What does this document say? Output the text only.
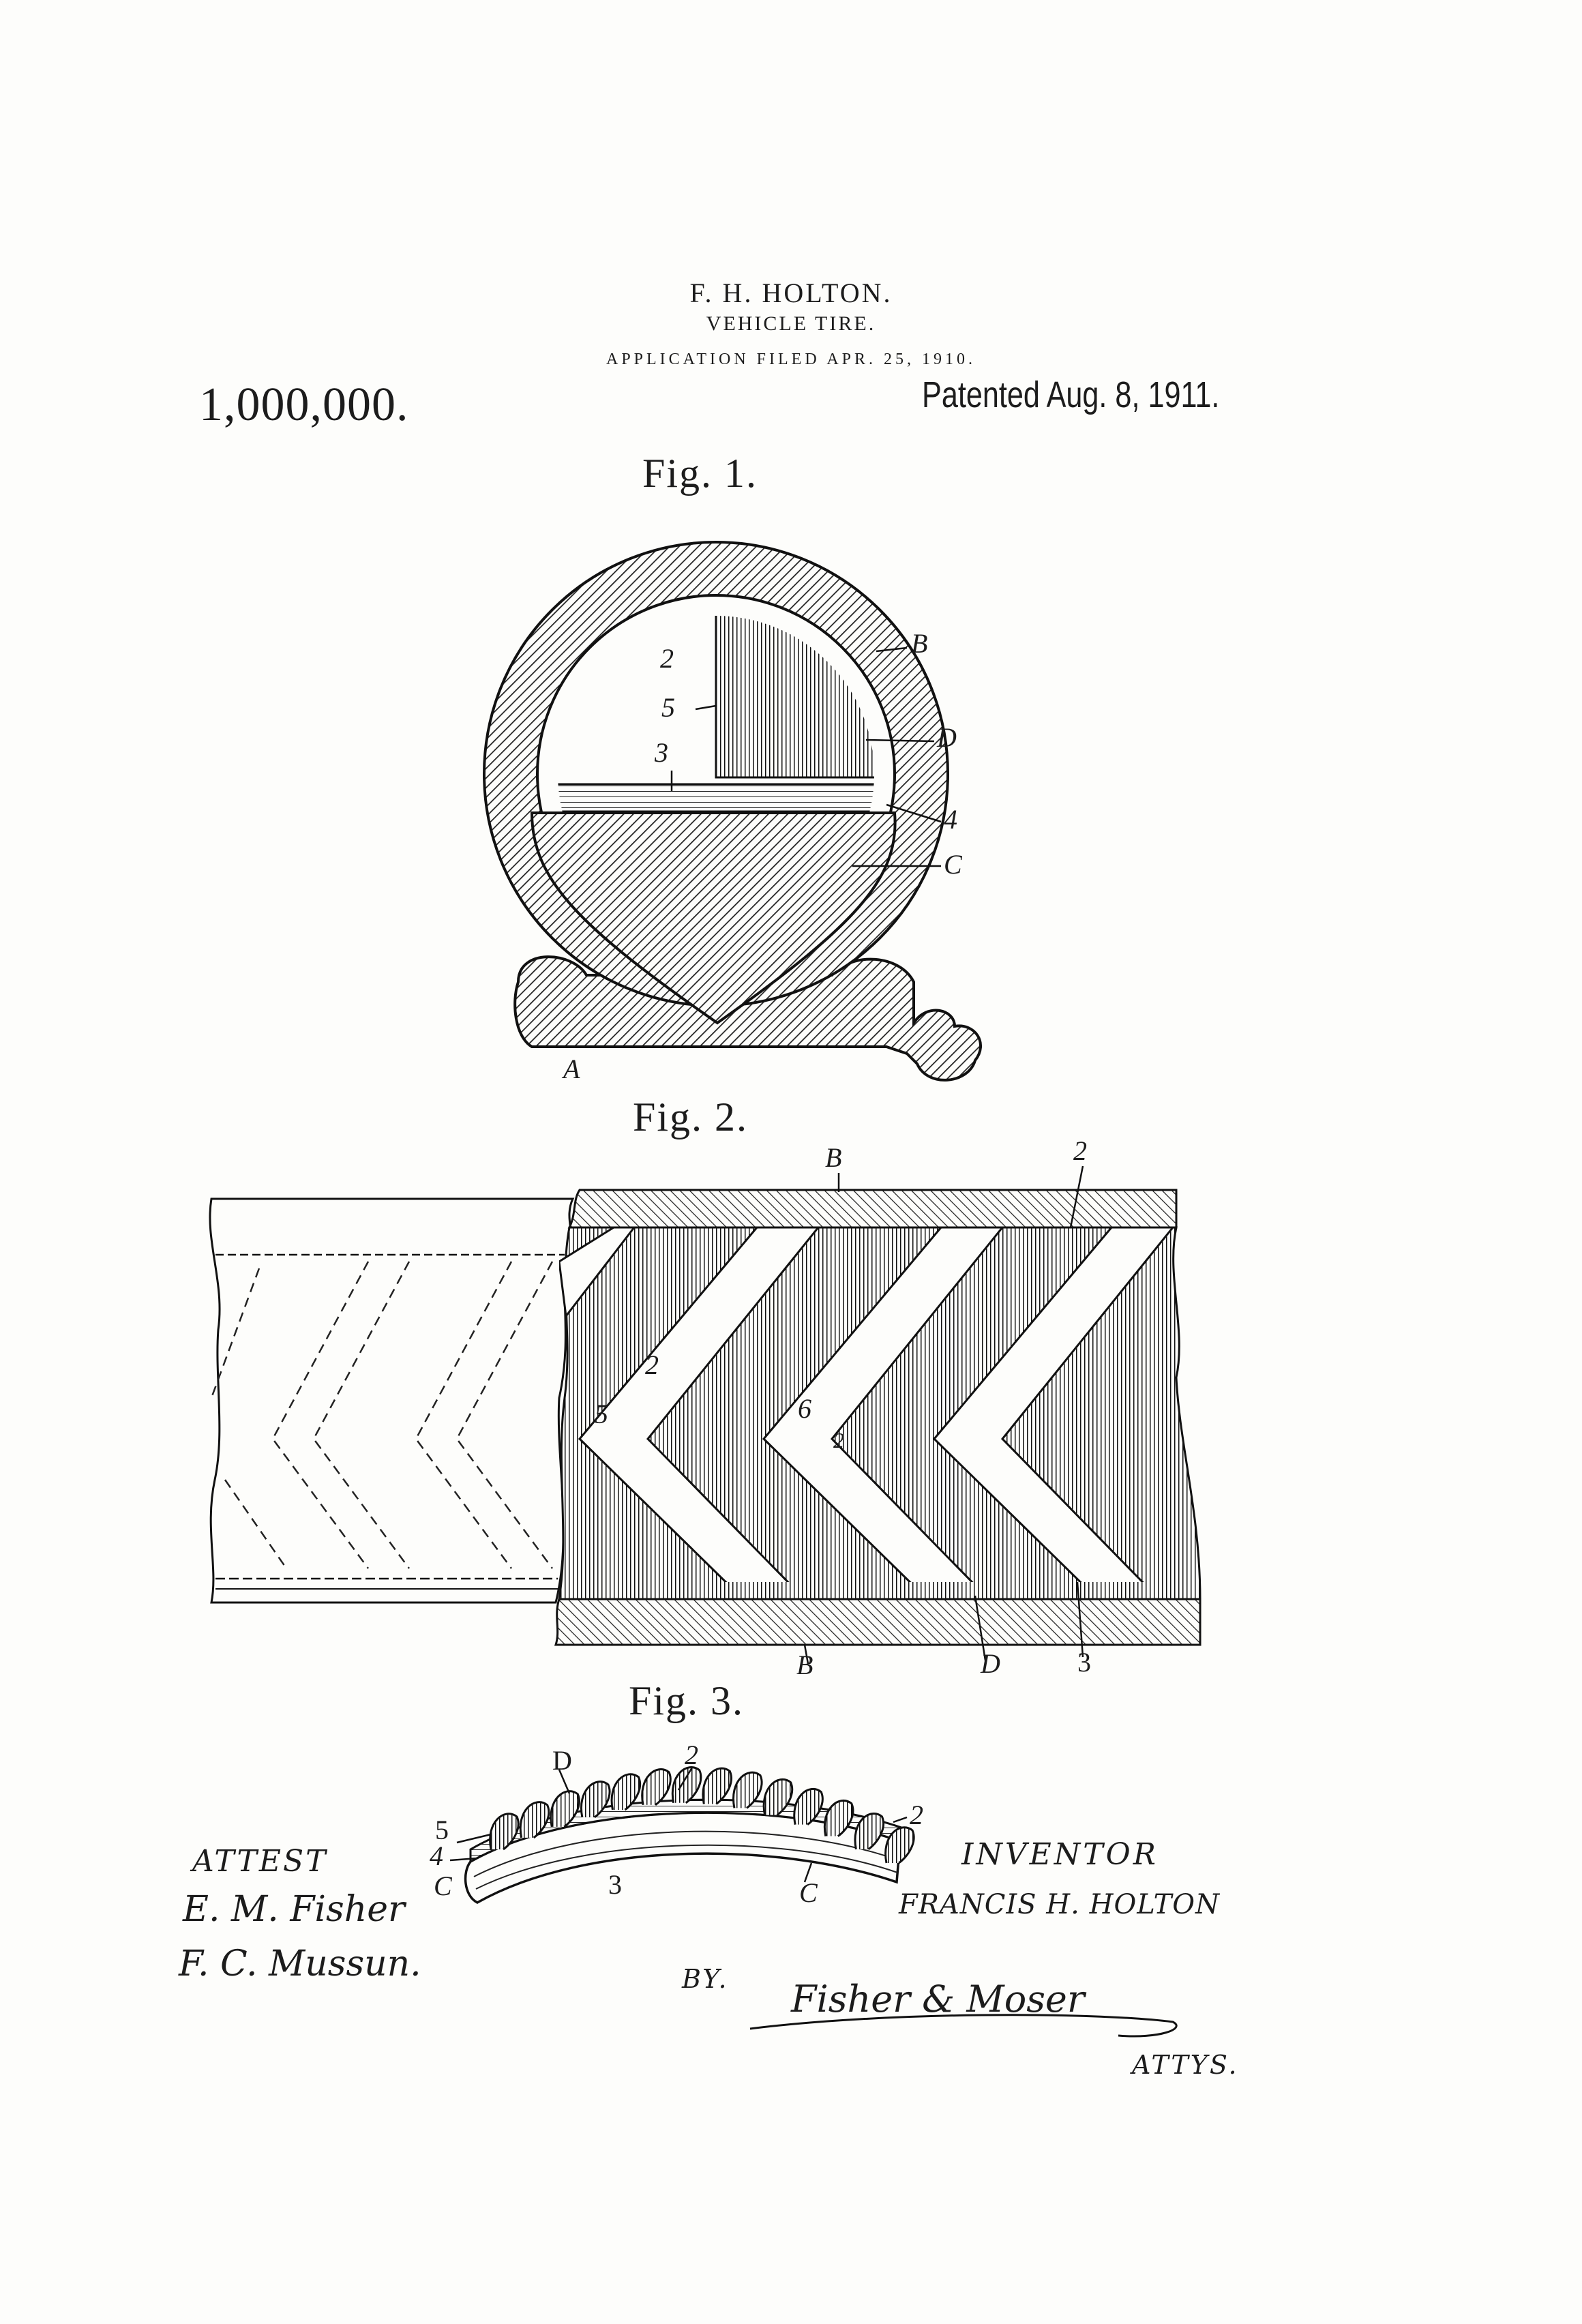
F. H. HOLTON.
VEHICLE TIRE.
APPLICATION FILED APR. 25, 1910.
1,000,000.	Patented Aug. 8, 1911.
Fig. 1.
Fig. 2.
Fig. 3.
B
D
4
C
A
2
5
3
B	2
2
5	6
2
B	D	3
D	2
2
5
4
C	3	C
ATTEST
E. M. Fisher
F. C. Mussun.
INVENTOR
FRANCIS H. HOLTON
BY. Fisher & Moser
ATTYS.
